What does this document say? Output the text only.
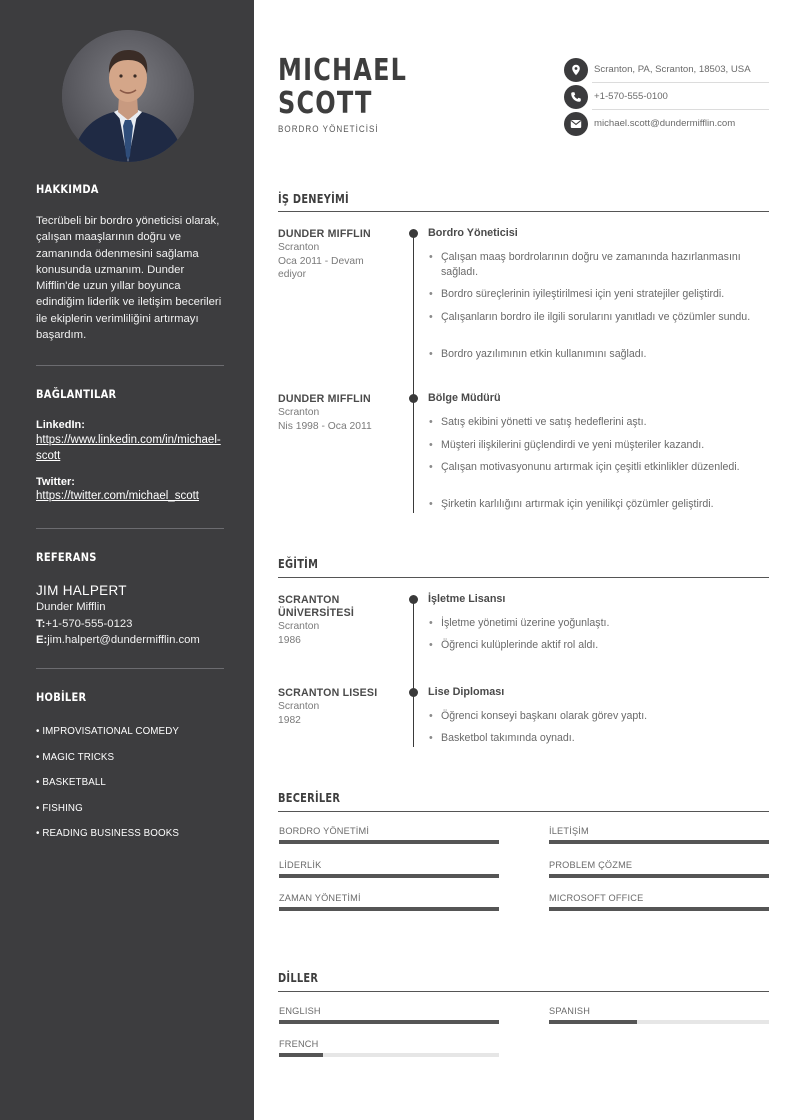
HAKKIMDA
Tecrübeli bir bordro yöneticisi olarak, çalışan maaşlarının doğru ve zamanında ödenmesini sağlama konusunda uzmanım. Dunder Mifflin'de uzun yıllar boyunca edindiğim liderlik ve iletişim becerileri ile ekiplerin verimliliğini artırmayı başardım.
BAĞLANTILAR
LinkedIn:
https://www.linkedin.com/in/michael-scott
Twitter:
https://twitter.com/michael_scott
REFERANS
JIM HALPERT
Dunder Mifflin
T:+1-570-555-0123
E:jim.halpert@dundermifflin.com
HOBİLER
• IMPROVISATIONAL COMEDY
• MAGIC TRICKS
• BASKETBALL
• FISHING
• READING BUSINESS BOOKS
MICHAEL
SCOTT
BORDRO YÖNETİCİSİ
Scranton, PA, Scranton, 18503, USA
+1-570-555-0100
michael.scott@dundermifflin.com
İŞ DENEYİMİ
DUNDER MIFFLIN
Scranton
Oca 2011 - Devam ediyor
Bordro Yöneticisi
• Çalışan maaş bordrolarının doğru ve zamanında hazırlanmasını sağladı.
• Bordro süreçlerinin iyileştirilmesi için yeni stratejiler geliştirdi.
• Çalışanların bordro ile ilgili sorularını yanıtladı ve çözümler sundu.
• Bordro yazılımının etkin kullanımını sağladı.
DUNDER MIFFLIN
Scranton
Nis 1998 - Oca 2011
Bölge Müdürü
• Satış ekibini yönetti ve satış hedeflerini aştı.
• Müşteri ilişkilerini güçlendirdi ve yeni müşteriler kazandı.
• Çalışan motivasyonunu artırmak için çeşitli etkinlikler düzenledi.
• Şirketin karlılığını artırmak için yenilikçi çözümler geliştirdi.
EĞİTİM
SCRANTON ÜNİVERSİTESİ
Scranton
1986
İşletme Lisansı
• İşletme yönetimi üzerine yoğunlaştı.
• Öğrenci kulüplerinde aktif rol aldı.
SCRANTON LISESI
Scranton
1982
Lise Diploması
• Öğrenci konseyi başkanı olarak görev yaptı.
• Basketbol takımında oynadı.
BECERİLER
BORDRO YÖNETİMİ	İLETİŞİM
LİDERLİK	PROBLEM ÇÖZME
ZAMAN YÖNETİMİ	MICROSOFT OFFICE
DİLLER
ENGLISH	SPANISH
FRENCH
